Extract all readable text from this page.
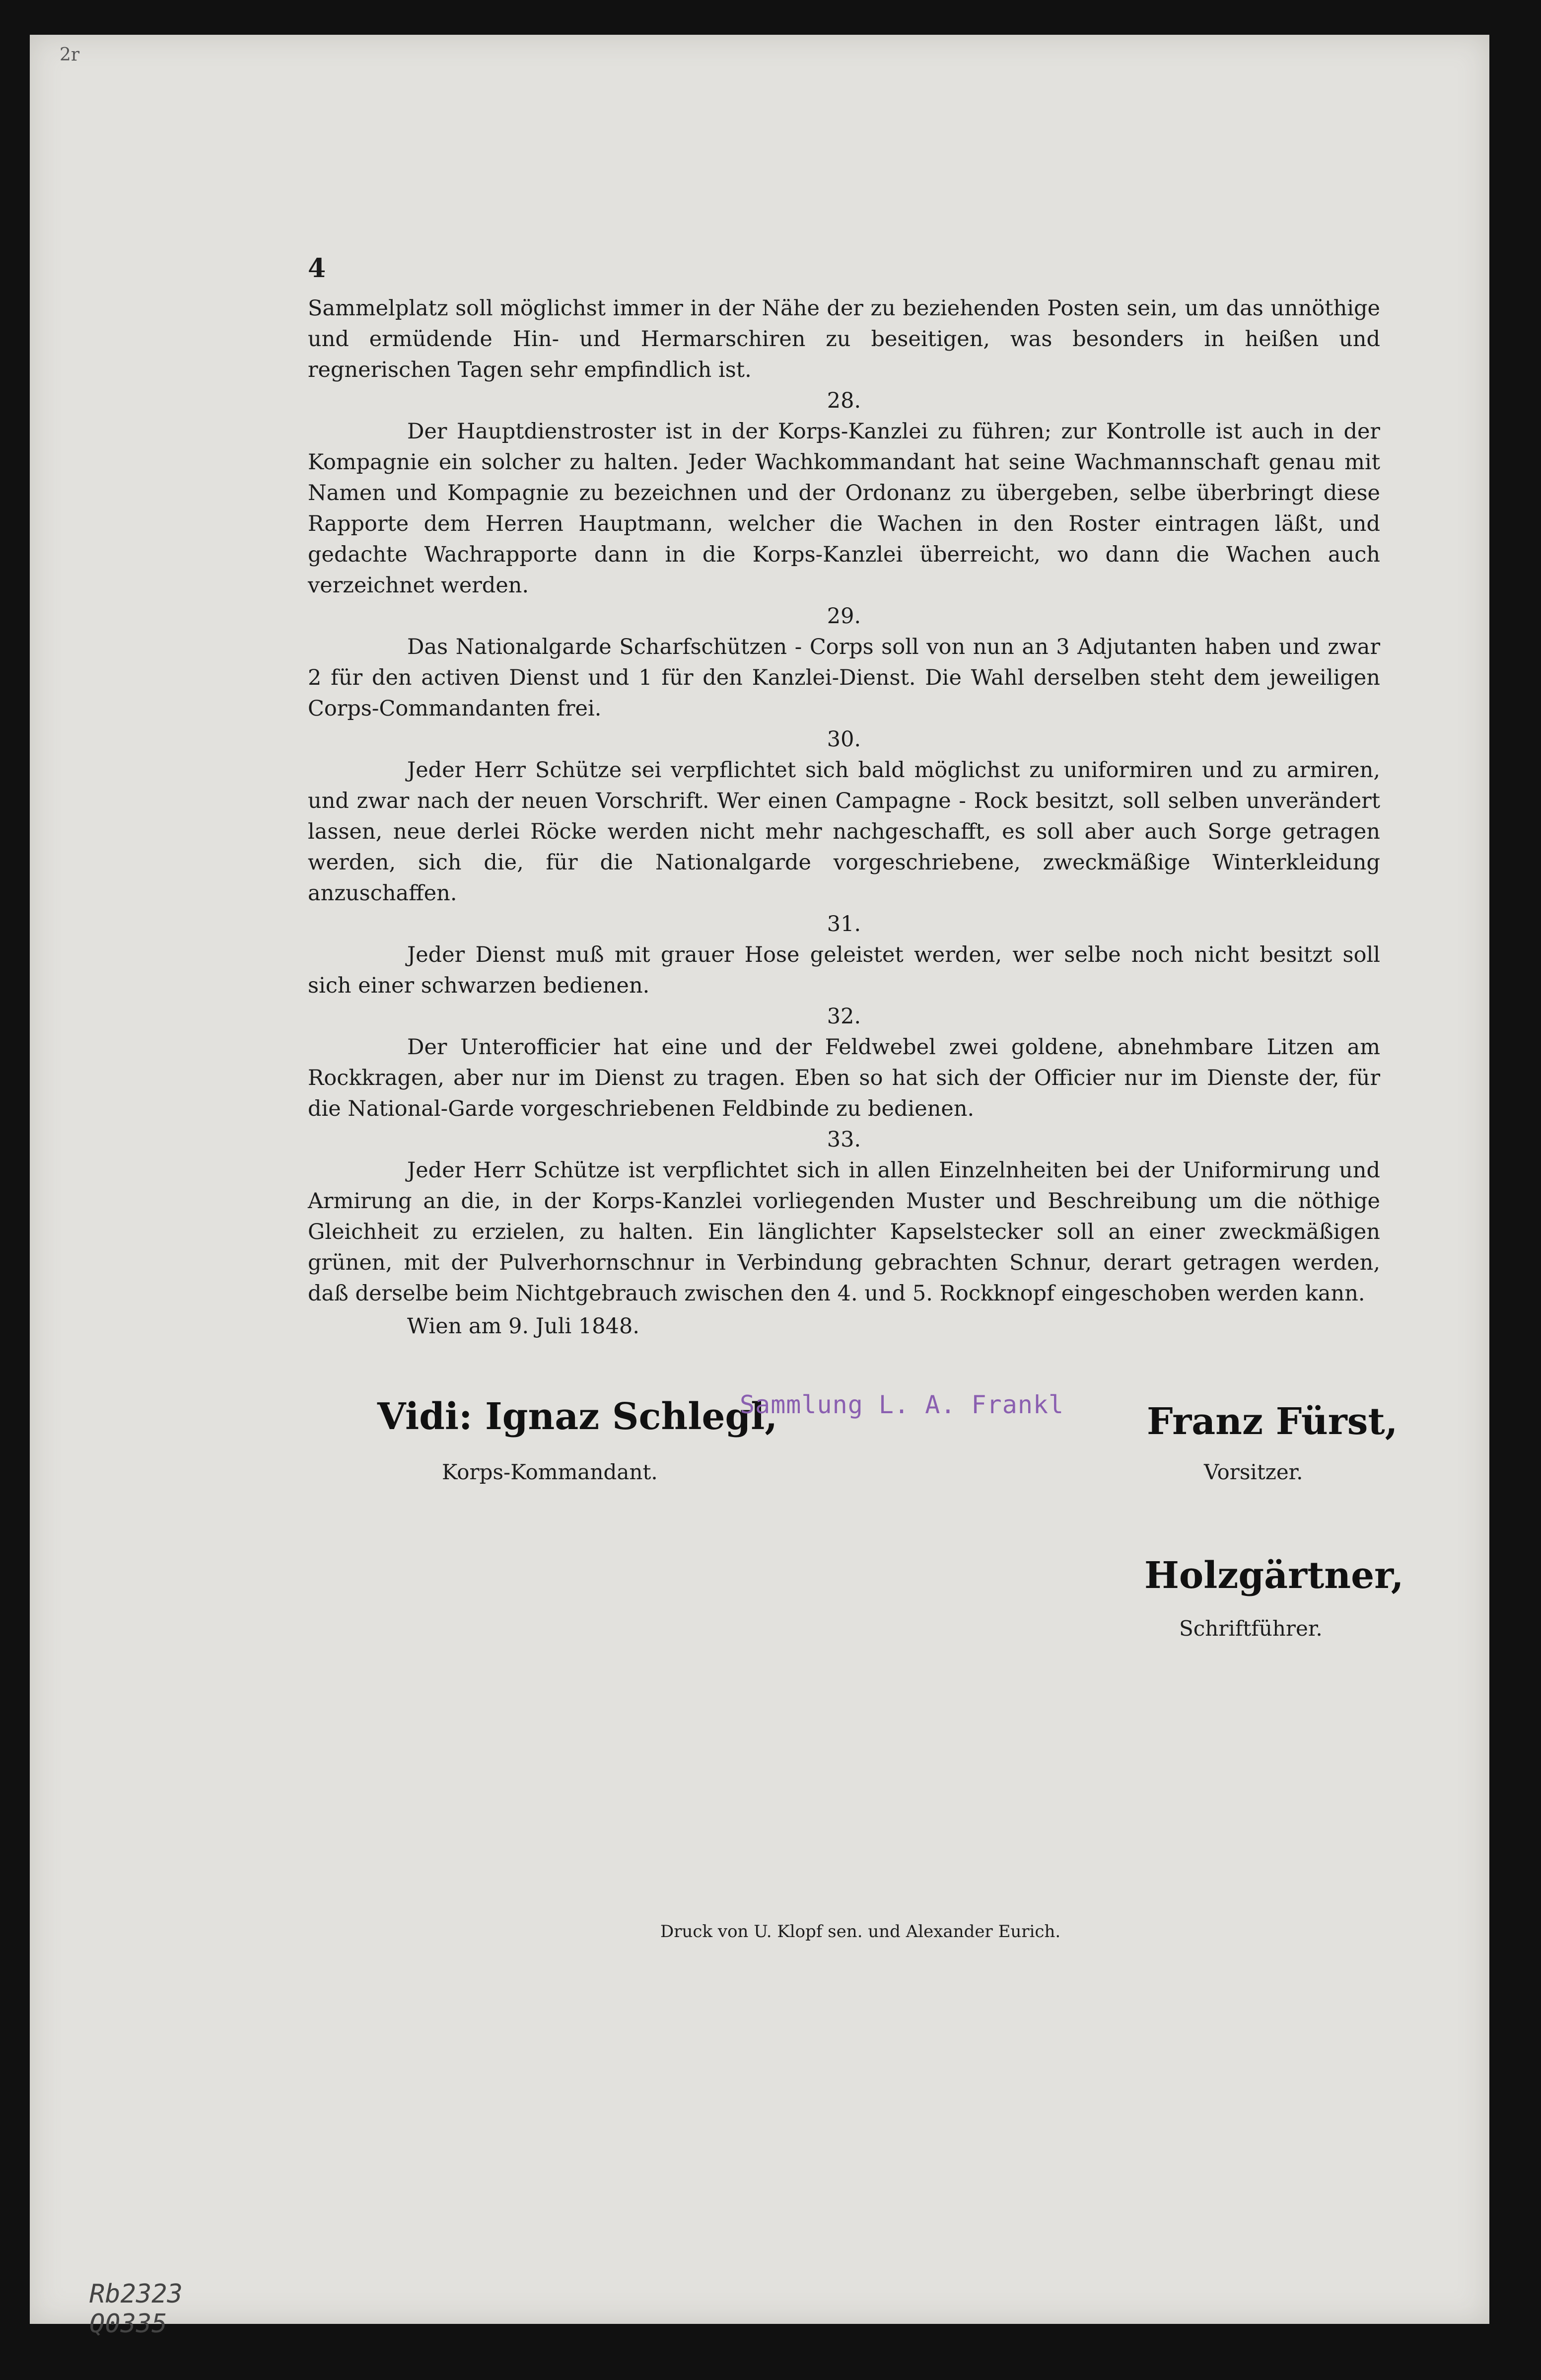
2r
4

Sammelplatz soll möglichst immer in der Nähe der zu beziehenden Posten sein, um das unnöthige und ermüdende Hin- und Hermarschiren zu beseitigen, was besonders in heißen und regnerischen Tagen sehr empfindlich ist.

28.

Der Hauptdienstroster ist in der Korps-Kanzlei zu führen; zur Kontrolle ist auch in der Kompagnie ein solcher zu halten. Jeder Wachkommandant hat seine Wachmannschaft genau mit Namen und Kompagnie zu bezeichnen und der Ordonanz zu übergeben, selbe überbringt diese Rapporte dem Herren Hauptmann, welcher die Wachen in den Roster eintragen läßt, und gedachte Wachrapporte dann in die Korps-Kanzlei überreicht, wo dann die Wachen auch verzeichnet werden.

29.

Das Nationalgarde Scharfschützen - Corps soll von nun an 3 Adjutanten haben und zwar 2 für den activen Dienst und 1 für den Kanzlei-Dienst. Die Wahl derselben steht dem jeweiligen Corps-Commandanten frei.

30.

Jeder Herr Schütze sei verpflichtet sich bald möglichst zu uniformiren und zu armiren, und zwar nach der neuen Vorschrift. Wer einen Campagne - Rock besitzt, soll selben unverändert lassen, neue derlei Röcke werden nicht mehr nachgeschafft, es soll aber auch Sorge getragen werden, sich die, für die Nationalgarde vorgeschriebene, zweckmäßige Winterkleidung anzuschaffen.

31.

Jeder Dienst muß mit grauer Hose geleistet werden, wer selbe noch nicht besitzt soll sich einer schwarzen bedienen.

32.

Der Unterofficier hat eine und der Feldwebel zwei goldene, abnehmbare Litzen am Rockkragen, aber nur im Dienst zu tragen. Eben so hat sich der Officier nur im Dienste der, für die National-Garde vorgeschriebenen Feldbinde zu bedienen.

33.

Jeder Herr Schütze ist verpflichtet sich in allen Einzelnheiten bei der Uniformirung und Armirung an die, in der Korps-Kanzlei vorliegenden Muster und Beschreibung um die nöthige Gleichheit zu erzielen, zu halten. Ein länglichter Kapselstecker soll an einer zweckmäßigen grünen, mit der Pulverhornschnur in Verbindung gebrachten Schnur, derart getragen werden, daß derselbe beim Nichtgebrauch zwischen den 4. und 5. Rockknopf eingeschoben werden kann.

Wien am 9. Juli 1848.

Vidi: Ignaz Schlegl,
Korps-Kommandant.
Sammlung L. A. Frankl Franz Fürst,
Vorsitzer.
Holzgärtner,
Schriftführer.
Druck von U. Klopf sen. und Alexander Eurich.
Rb2323
Q0335
